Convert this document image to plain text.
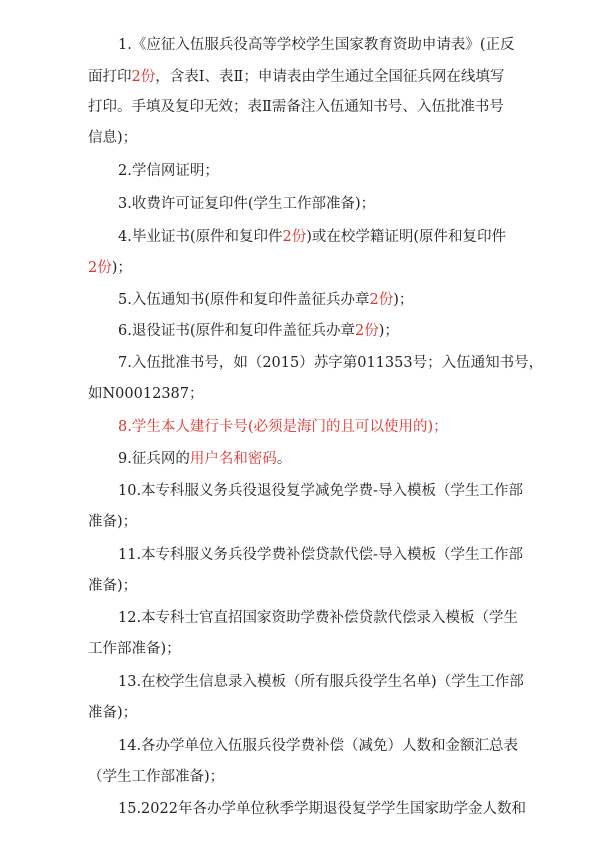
1.《应征入伍服兵役高等学校学生国家教育资助申请表》(正反
面打印2份，含表Ⅰ、表Ⅱ；申请表由学生通过全国征兵网在线填写
打印。手填及复印无效；表Ⅱ需备注入伍通知书号、入伍批准书号
信息)；
2.学信网证明；
3.收费许可证复印件(学生工作部准备)；
4.毕业证书(原件和复印件2份)或在校学籍证明(原件和复印件
2份)；
5.入伍通知书(原件和复印件盖征兵办章2份)；
6.退役证书(原件和复印件盖征兵办章2份)；
7.入伍批准书号，如（2015）苏字第011353号；入伍通知书号，
如N00012387；
8.学生本人建行卡号(必须是海门的且可以使用的)；
9.征兵网的用户名和密码。
10.本专科服义务兵役退役复学减免学费-导入模板（学生工作部
准备)；
11.本专科服义务兵役学费补偿贷款代偿-导入模板（学生工作部
准备)；
12.本专科士官直招国家资助学费补偿贷款代偿录入模板（学生
工作部准备)；
13.在校学生信息录入模板（所有服兵役学生名单)（学生工作部
准备)；
14.各办学单位入伍服兵役学费补偿（减免）人数和金额汇总表
（学生工作部准备)；
15.2022年各办学单位秋季学期退役复学学生国家助学金人数和
